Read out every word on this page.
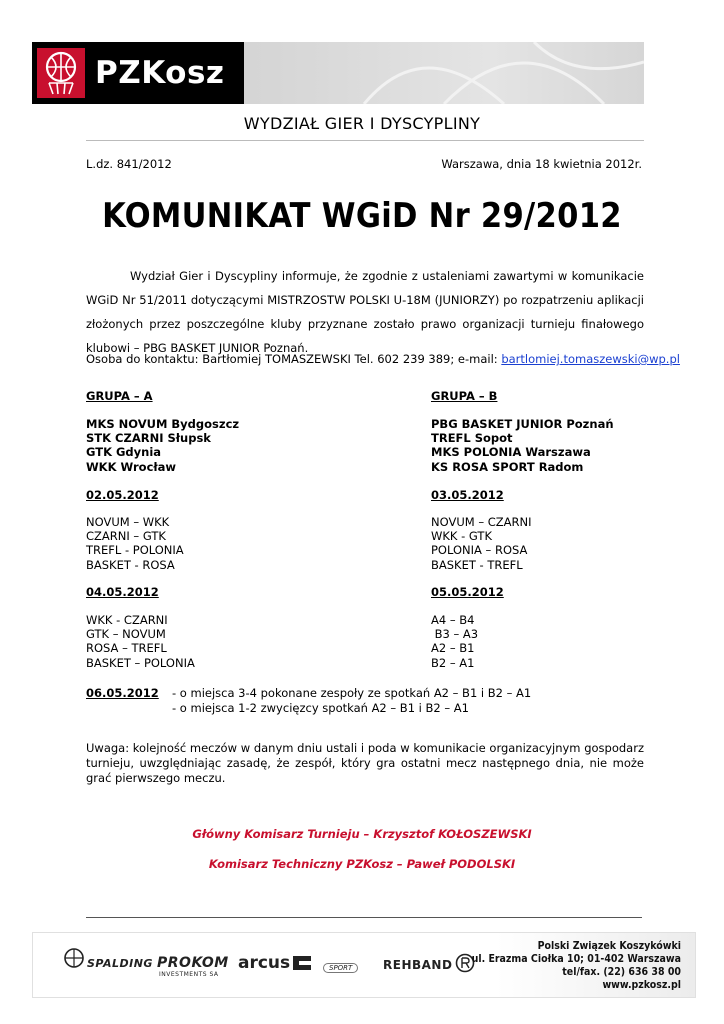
PZKosz
WYDZIAŁ GIER I DYSCYPLINY
L.dz. 841/2012	Warszawa, dnia 18 kwietnia 2012r.
KOMUNIKAT WGiD Nr 29/2012
Wydział Gier i Dyscypliny informuje, że zgodnie z ustaleniami zawartymi w komunikacie WGiD Nr 51/2011 dotyczącymi MISTRZOSTW POLSKI U-18M (JUNIORZY) po rozpatrzeniu aplikacji złożonych przez poszczególne kluby przyznane zostało prawo organizacji turnieju finałowego klubowi – PBG BASKET JUNIOR Poznań.
Osoba do kontaktu: Bartłomiej TOMASZEWSKI Tel. 602 239 389; e-mail: bartlomiej.tomaszewski@wp.pl
GRUPA – A
MKS NOVUM Bydgoszcz
STK CZARNI Słupsk
GTK Gdynia
WKK Wrocław
02.05.2012
NOVUM – WKK
CZARNI – GTK
TREFL - POLONIA
BASKET - ROSA
04.05.2012
WKK - CZARNI
GTK – NOVUM
ROSA – TREFL
BASKET – POLONIA
GRUPA – B
PBG BASKET JUNIOR Poznań
TREFL Sopot
MKS POLONIA Warszawa
KS ROSA SPORT Radom
03.05.2012
NOVUM – CZARNI
WKK - GTK
POLONIA – ROSA
BASKET - TREFL
05.05.2012
A4 – B4
B3 – A3
A2 – B1
B2 – A1
06.05.2012 - o miejsca 3-4 pokonane zespoły ze spotkań A2 – B1 i B2 – A1
- o miejsca 1-2 zwycięzcy spotkań A2 – B1 i B2 – A1
Uwaga: kolejność meczów w danym dniu ustali i poda w komunikacie organizacyjnym gospodarz turnieju, uwzględniając zasadę, że zespół, który gra ostatni mecz następnego dnia, nie może grać pierwszego meczu.
Główny Komisarz Turnieju – Krzysztof KOŁOSZEWSKI
Komisarz Techniczny PZKosz – Paweł PODOLSKI
SPALDING PROKOM
INVESTMENTS SA
arcus	SPORT	REHBAND
Polski Związek Koszykówki
ul. Erazma Ciołka 10; 01-402 Warszawa
tel/fax. (22) 636 38 00
www.pzkosz.pl
